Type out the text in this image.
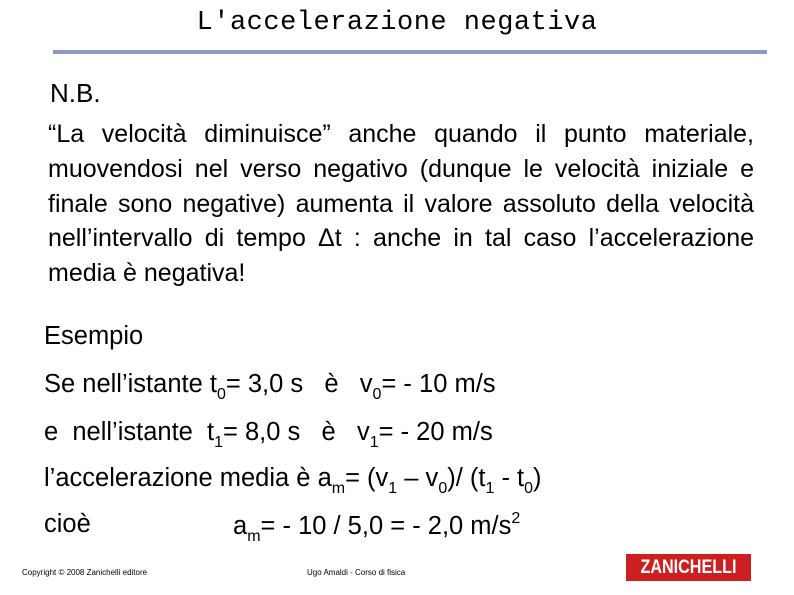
L'accelerazione negativa
N.B.
“La velocità diminuisce” anche quando il punto materiale, muovendosi nel verso negativo (dunque le velocità iniziale e finale sono negative) aumenta il valore assoluto della velocità nell’intervallo di tempo Δt : anche in tal caso l’accelerazione media è negativa!
Esempio
Se nell’istante $t_0= 3,0$ s   è   $v_0= - 10$ m/s
e  nell’istante  $t_1= 8,0$ s   è   $v_1= - 20$ m/s
l’accelerazione media è $a_m= (v_1 - v_0)/$ $(t_1 - t_0)$
cioè	$a_m= - 10 / 5,0$ = - 2,0 $m/s^2$
Copyright © 2008 Zanichelli editore	Ugo Amaldi - Corso di fisica	ZANICHELLI
